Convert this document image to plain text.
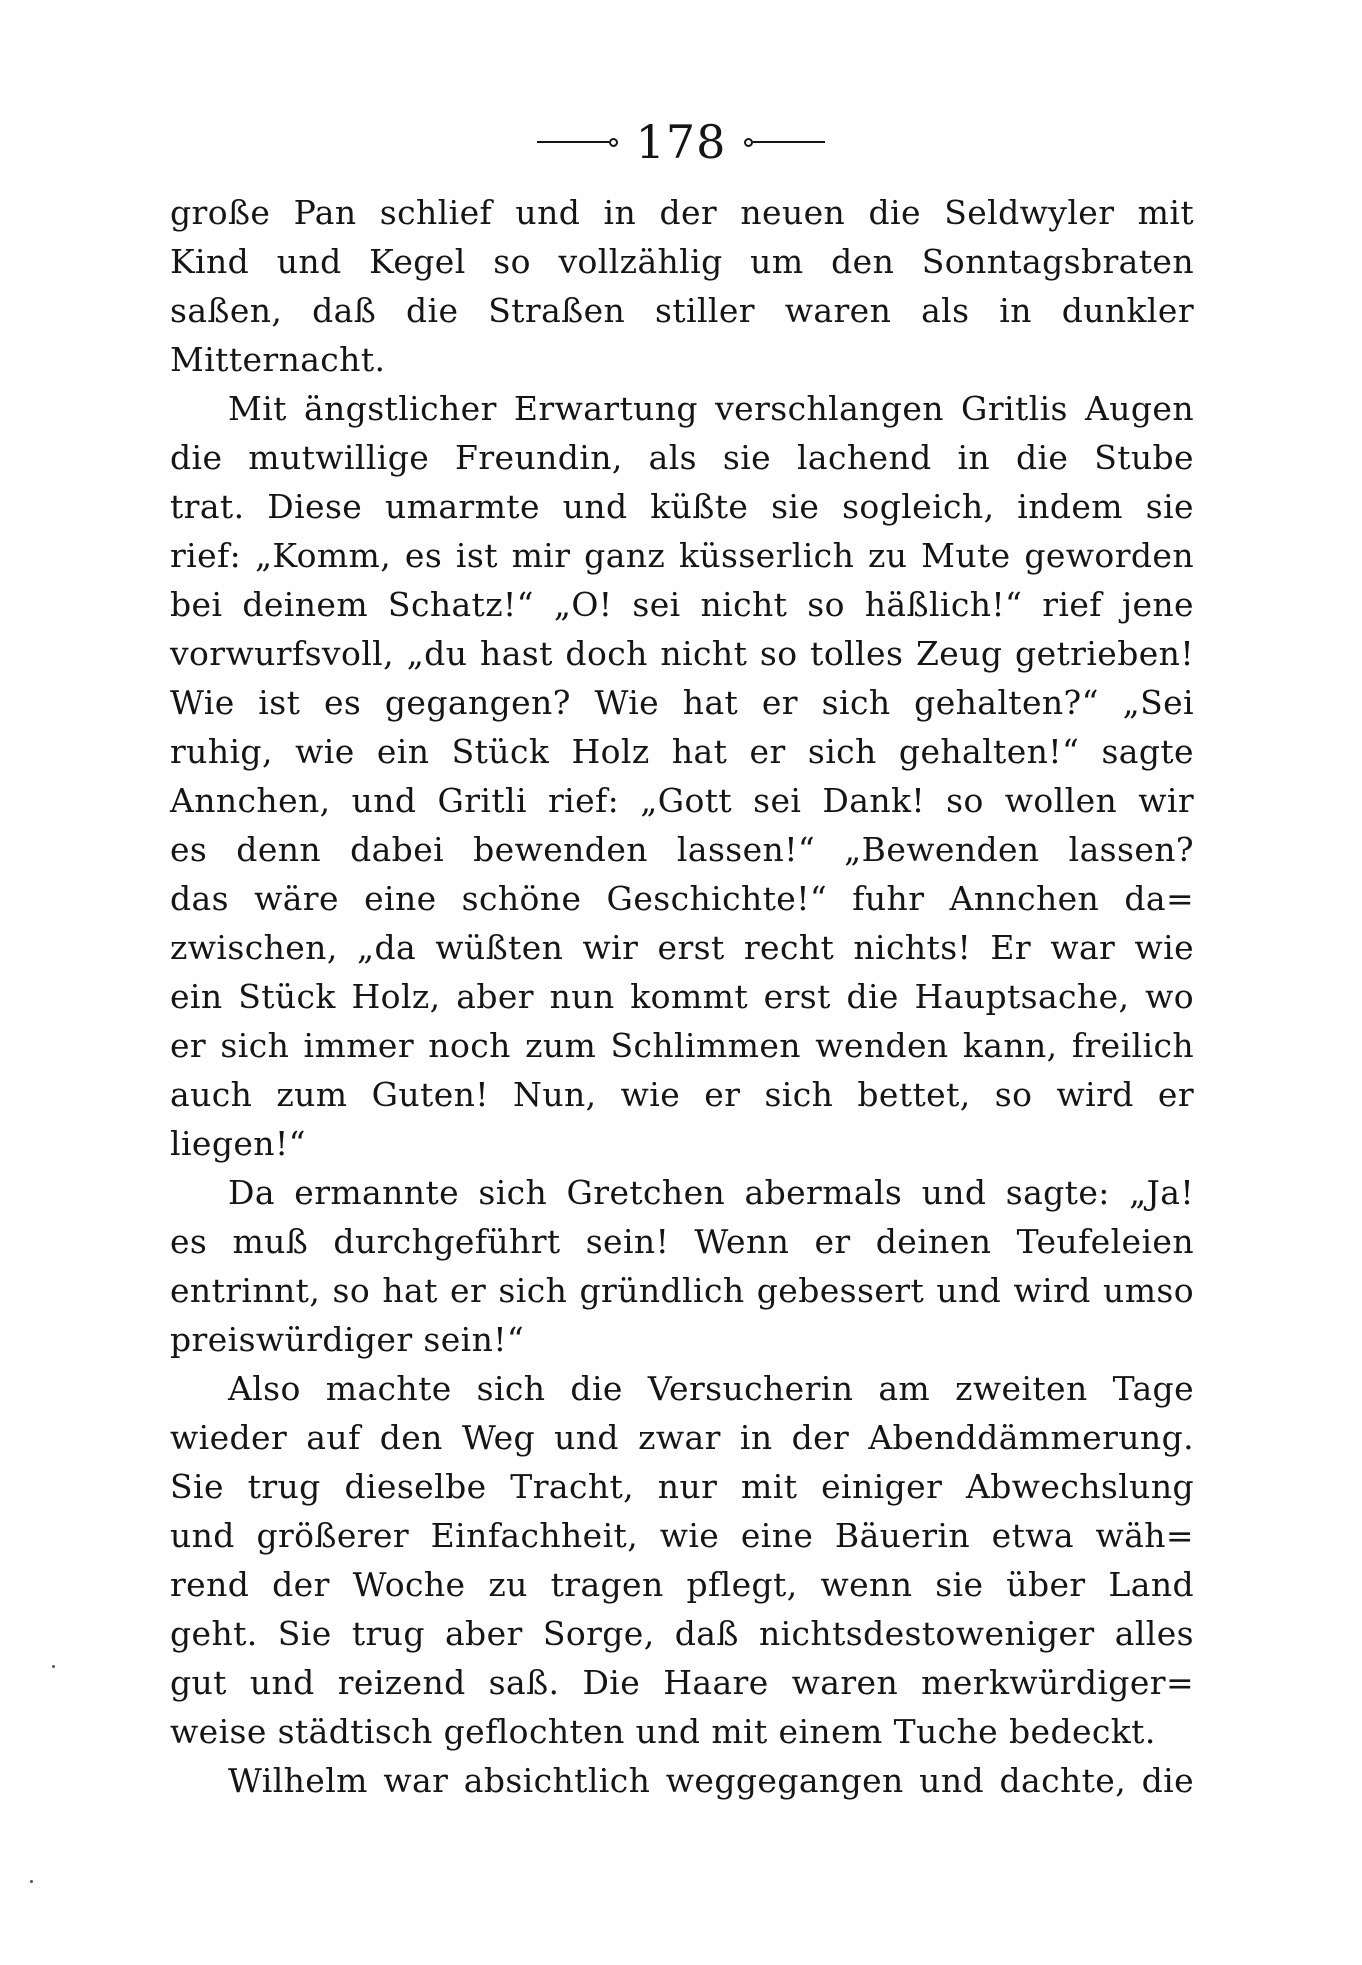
178
große Pan schlief und in der neuen die Seldwyler mit
Kind und Kegel so vollzählig um den Sonntagsbraten
saßen, daß die Straßen stiller waren als in dunkler
Mitternacht.
Mit ängstlicher Erwartung verschlangen Gritlis Augen
die mutwillige Freundin, als sie lachend in die Stube
trat. Diese umarmte und küßte sie sogleich, indem sie
rief: „Komm, es ist mir ganz küsserlich zu Mute geworden
bei deinem Schatz!“ „O! sei nicht so häßlich!“ rief jene
vorwurfsvoll, „du hast doch nicht so tolles Zeug getrieben!
Wie ist es gegangen? Wie hat er sich gehalten?“ „Sei
ruhig, wie ein Stück Holz hat er sich gehalten!“ sagte
Annchen, und Gritli rief: „Gott sei Dank! so wollen wir
es denn dabei bewenden lassen!“ „Bewenden lassen?
das wäre eine schöne Geschichte!“ fuhr Annchen da=
zwischen, „da wüßten wir erst recht nichts! Er war wie
ein Stück Holz, aber nun kommt erst die Hauptsache, wo
er sich immer noch zum Schlimmen wenden kann, freilich
auch zum Guten! Nun, wie er sich bettet, so wird er
liegen!“
Da ermannte sich Gretchen abermals und sagte: „Ja!
es muß durchgeführt sein! Wenn er deinen Teufeleien
entrinnt, so hat er sich gründlich gebessert und wird umso
preiswürdiger sein!“
Also machte sich die Versucherin am zweiten Tage
wieder auf den Weg und zwar in der Abenddämmerung.
Sie trug dieselbe Tracht, nur mit einiger Abwechslung
und größerer Einfachheit, wie eine Bäuerin etwa wäh=
rend der Woche zu tragen pflegt, wenn sie über Land
geht. Sie trug aber Sorge, daß nichtsdestoweniger alles
gut und reizend saß. Die Haare waren merkwürdiger=
weise städtisch geflochten und mit einem Tuche bedeckt.
Wilhelm war absichtlich weggegangen und dachte, die
